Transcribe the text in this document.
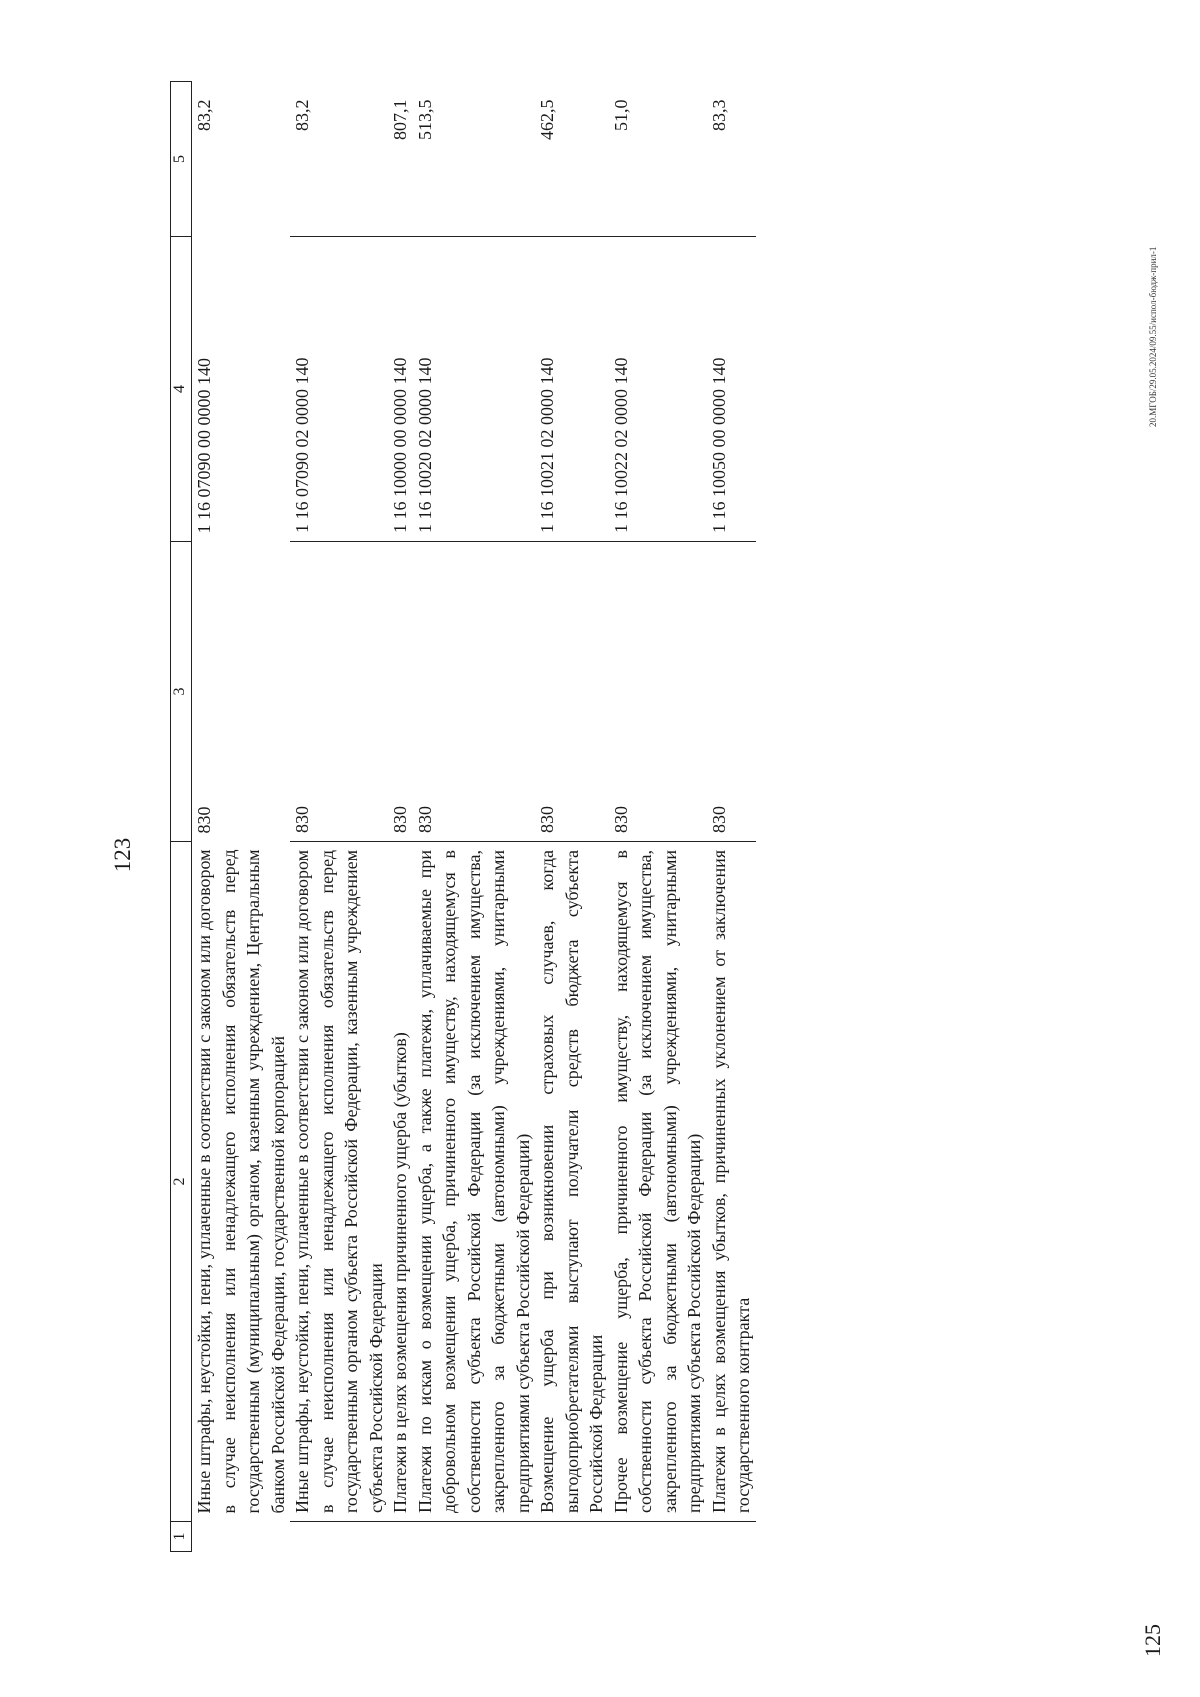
123
1	2	3	4	5
	Иные штрафы, неустойки, пени, уплаченные в соответствии с законом или договором в случае неисполнения или ненадлежащего исполнения обязательств перед государственным (муниципальным) органом, казенным учреждением, Центральным банком Российской Федерации, государственной корпорацией	830	1 16 07090 00 0000 140	83,2
	Иные штрафы, неустойки, пени, уплаченные в соответствии с законом или договором в случае неисполнения или ненадлежащего исполнения обязательств перед государственным органом субъекта Российской Федерации, казенным учреждением субъекта Российской Федерации	830	1 16 07090 02 0000 140	83,2
	Платежи в целях возмещения причиненного ущерба (убытков)	830	1 16 10000 00 0000 140	807,1
	Платежи по искам о возмещении ущерба, а также платежи, уплачиваемые при добровольном возмещении ущерба, причиненного имуществу, находящемуся в собственности субъекта Российской Федерации (за исключением имущества, закрепленного за бюджетными (автономными) учреждениями, унитарными предприятиями субъекта Российской Федерации)	830	1 16 10020 02 0000 140	513,5
	Возмещение ущерба при возникновении страховых случаев, когда выгодоприобретателями выступают получатели средств бюджета субъекта Российской Федерации	830	1 16 10021 02 0000 140	462,5
	Прочее возмещение ущерба, причиненного имуществу, находящемуся в собственности субъекта Российской Федерации (за исключением имущества, закрепленного за бюджетными (автономными) учреждениями, унитарными предприятиями субъекта Российской Федерации)	830	1 16 10022 02 0000 140	51,0
	Платежи в целях возмещения убытков, причиненных уклонением от заключения государственного контракта	830	1 16 10050 00 0000 140	83,3
125
20.МГОБ/29.05.2024/09.55/испол-бюдж-прил-1
